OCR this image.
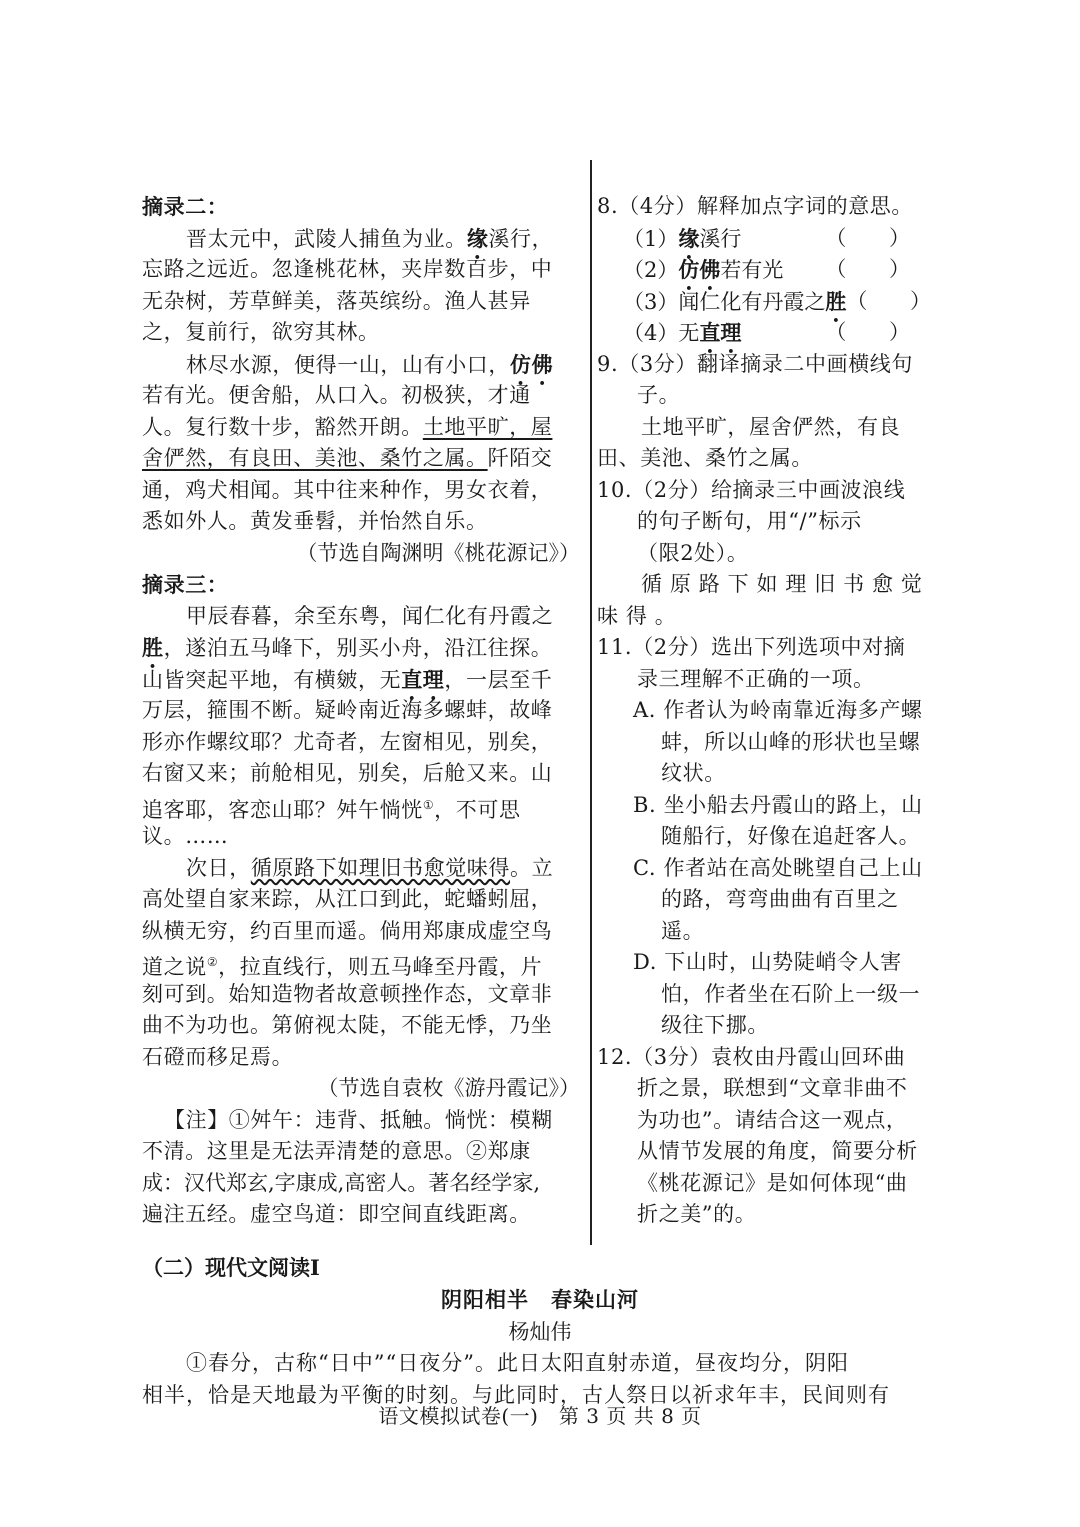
摘录二：
晋太元中，武陵人捕鱼为业。缘溪行，
忘路之远近。忽逢桃花林，夹岸数百步，中
无杂树，芳草鲜美，落英缤纷。渔人甚异
之，复前行，欲穷其林。
林尽水源，便得一山，山有小口，仿佛
若有光。便舍船，从口入。初极狭，才通
人。复行数十步，豁然开朗。土地平旷，屋
舍俨然，有良田、美池、桑竹之属。阡陌交
通，鸡犬相闻。其中往来种作，男女衣着，
悉如外人。黄发垂髫，并怡然自乐。
（节选自陶渊明《桃花源记》）
摘录三：
甲辰春暮，余至东粤，闻仁化有丹霞之
胜，遂泊五马峰下，别买小舟，沿江往探。
山皆突起平地，有横皴，无直理，一层至千
万层，箍围不断。疑岭南近海多螺蚌，故峰
形亦作螺纹耶？尤奇者，左窗相见，别矣，
右窗又来；前舱相见，别矣，后舱又来。山
追客耶，客恋山耶？舛午惝恍①，不可思
议。……
次日，循原路下如理旧书愈觉味得。立
高处望自家来踪，从江口到此，蛇蟠蚓屈，
纵横无穷，约百里而遥。倘用郑康成虚空鸟
道之说②，拉直线行，则五马峰至丹霞，片
刻可到。始知造物者故意顿挫作态，文章非
曲不为功也。第俯视太陡，不能无悸，乃坐
石磴而移足焉。
（节选自袁枚《游丹霞记》）
【注】①舛午：违背、抵触。惝恍：模糊
不清。这里是无法弄清楚的意思。②郑康
成：汉代郑玄,字康成,高密人。著名经学家,
遍注五经。虚空鸟道：即空间直线距离。
8.（4分）解释加点字词的意思。
（1）缘溪行	（ ）
（2）仿佛若有光 （ ）
（3）闻仁化有丹霞之胜 （ ）
（4）无直理	（ ）
9.（3分）翻译摘录二中画横线句
子。
土地平旷，屋舍俨然，有良
田、美池、桑竹之属。
10.（2分）给摘录三中画波浪线
的句子断句，用“/”标示
（限2处）。
循 原 路 下 如 理 旧 书 愈 觉
味 得 。
11.（2分）选出下列选项中对摘
录三理解不正确的一项。
A. 作者认为岭南靠近海多产螺
蚌，所以山峰的形状也呈螺
纹状。
B. 坐小船去丹霞山的路上，山
随船行，好像在追赶客人。
C. 作者站在高处眺望自己上山
的路，弯弯曲曲有百里之
遥。
D. 下山时，山势陡峭令人害
怕，作者坐在石阶上一级一
级往下挪。
12.（3分）袁枚由丹霞山回环曲
折之景，联想到“文章非曲不
为功也”。请结合这一观点，
从情节发展的角度，简要分析
《桃花源记》是如何体现“曲
折之美”的。
（二）现代文阅读Ⅰ
阴阳相半　春染山河
杨灿伟
①春分，古称“日中”“日夜分”。此日太阳直射赤道，昼夜均分，阴阳
相半，恰是天地最为平衡的时刻。与此同时，古人祭日以祈求年丰，民间则有
语文模拟试卷(一)　第 3 页 共 8 页
